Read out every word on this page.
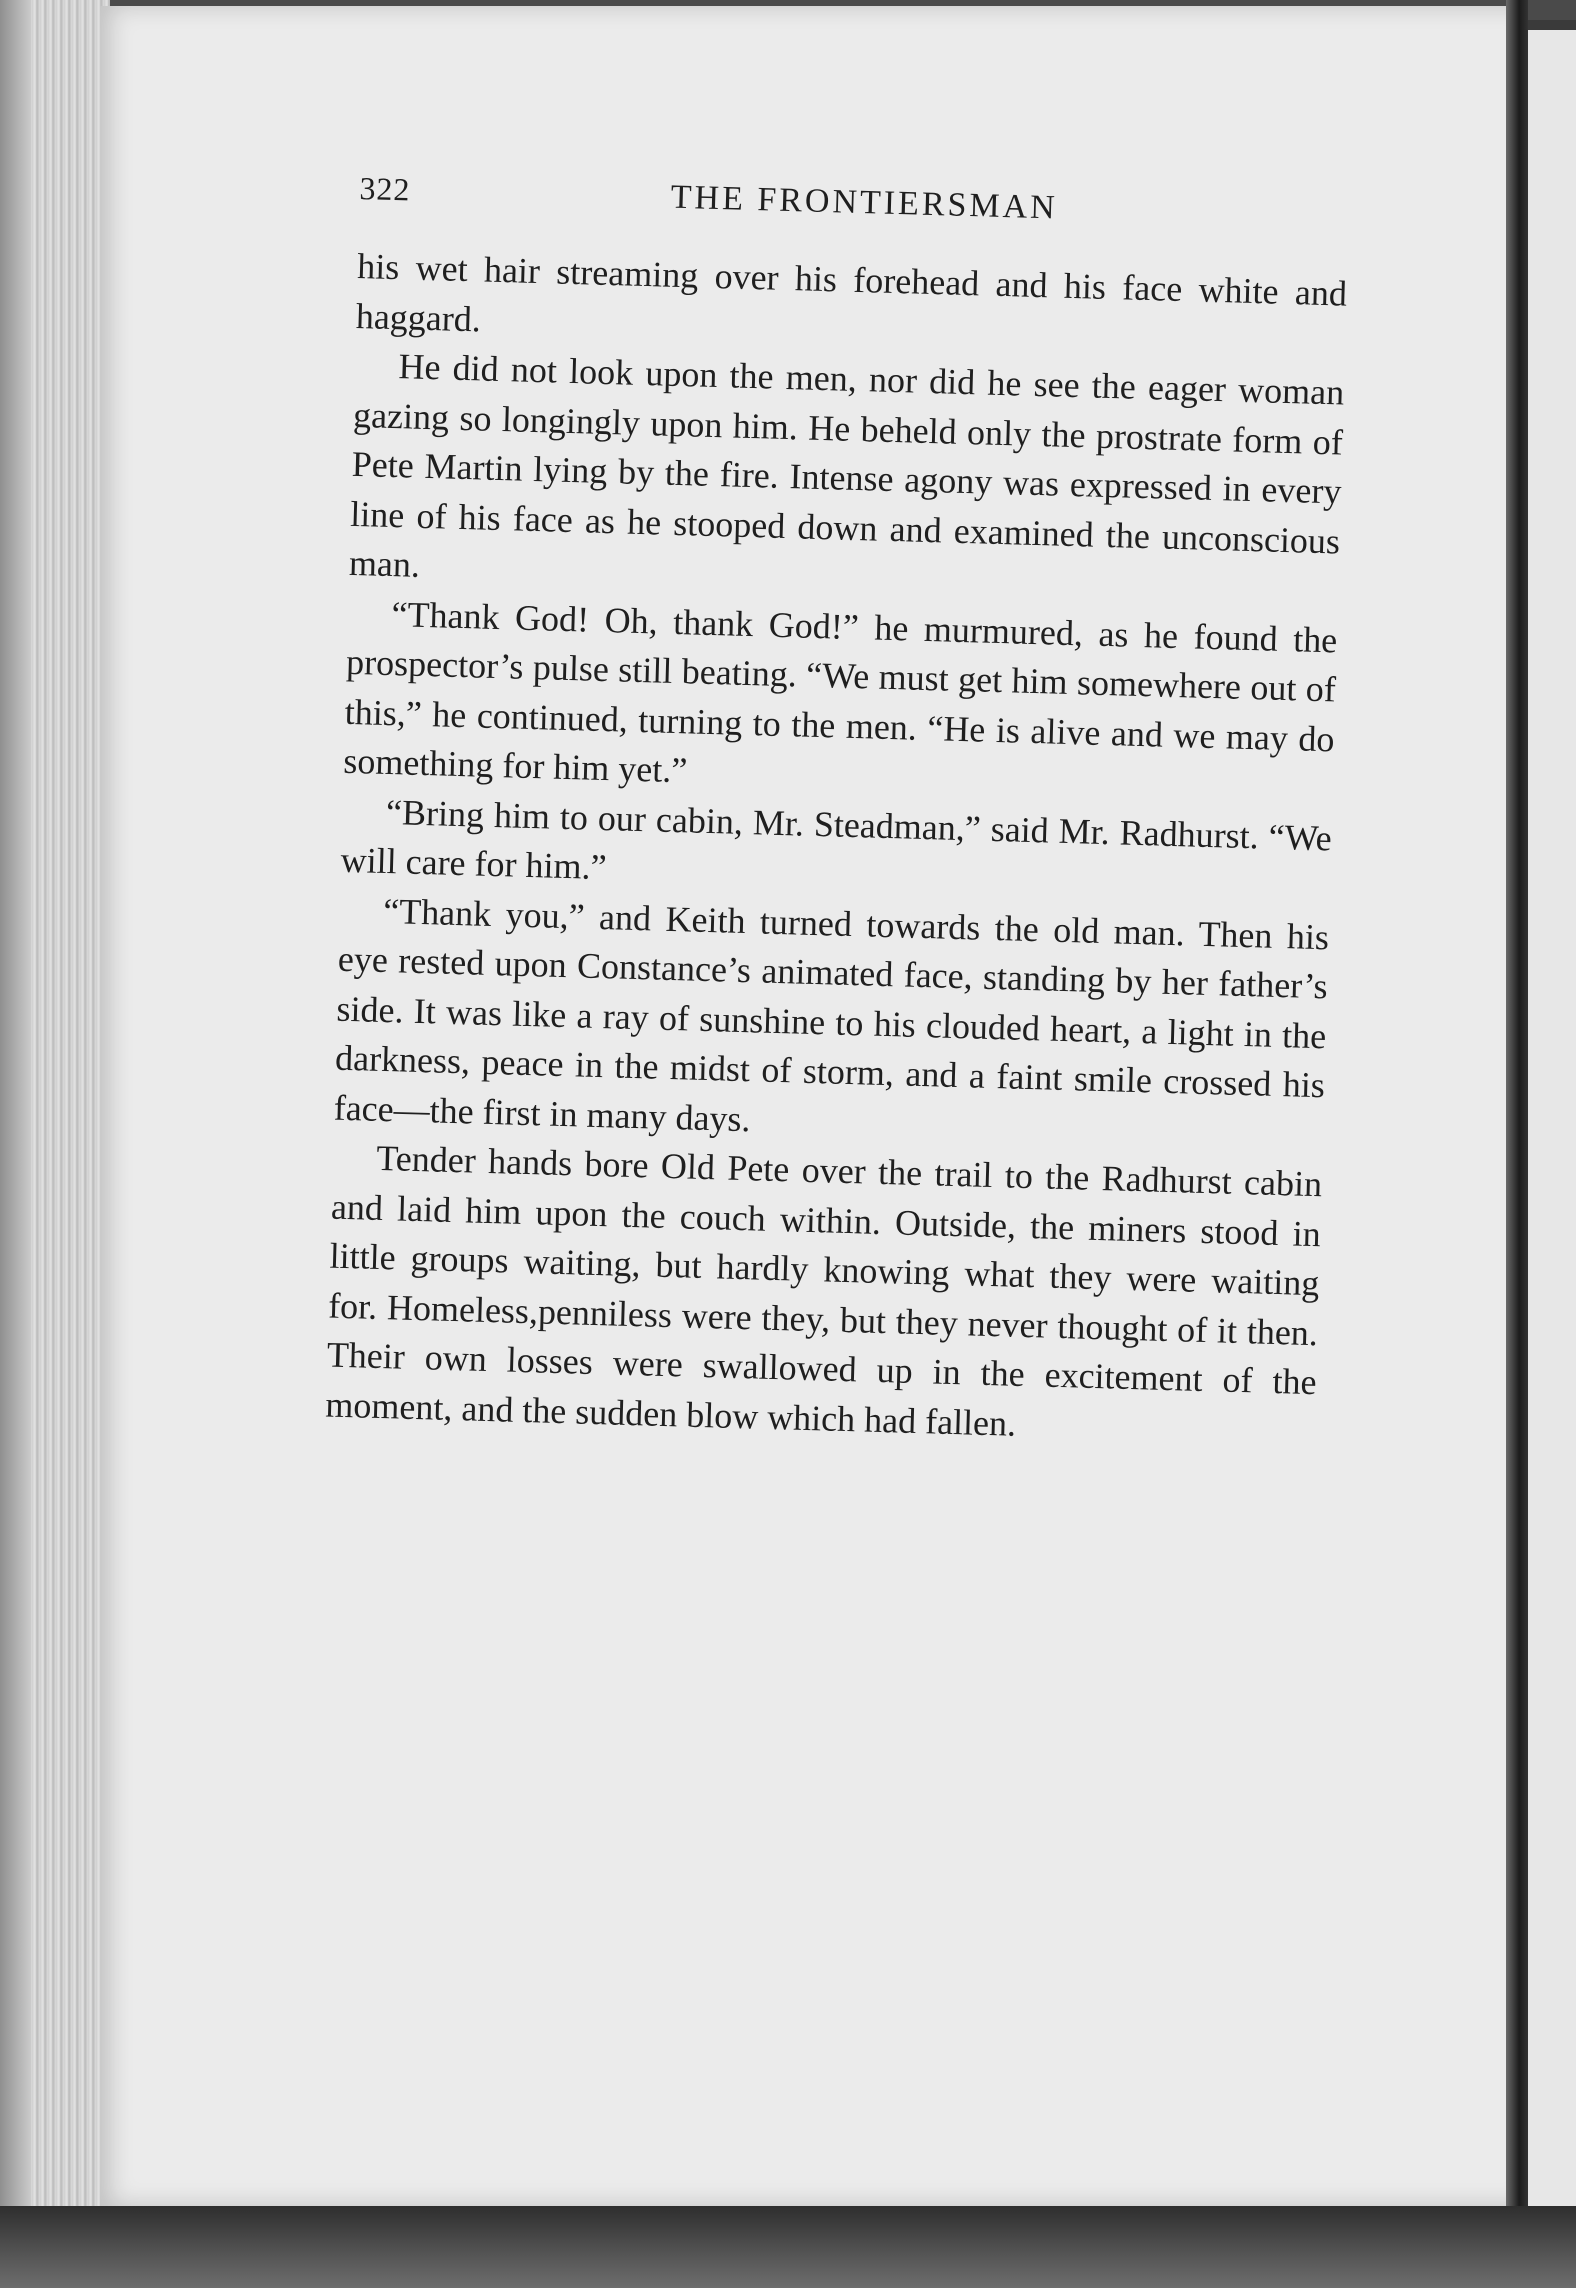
322	THE FRONTIERSMAN

his wet hair streaming over his forehead and his face white and haggard.

He did not look upon the men, nor did he see the eager woman gazing so longingly upon him. He beheld only the prostrate form of Pete Martin lying by the fire. Intense agony was expressed in every line of his face as he stooped down and examined the unconscious man.

“Thank God! Oh, thank God!” he murmured, as he found the prospector’s pulse still beating. “We must get him somewhere out of this,” he continued, turning to the men. “He is alive and we may do something for him yet.”

“Bring him to our cabin, Mr. Steadman,” said Mr. Radhurst. “We will care for him.”

“Thank you,” and Keith turned towards the old man. Then his eye rested upon Constance’s animated face, standing by her father’s side. It was like a ray of sunshine to his clouded heart, a light in the darkness, peace in the midst of storm, and a faint smile crossed his face—the first in many days.

Tender hands bore Old Pete over the trail to the Radhurst cabin and laid him upon the couch within. Outside, the miners stood in little groups waiting, but hardly knowing what they were waiting for. Homeless,penniless were they, but they never thought of it then. Their own losses were swallowed up in the excitement of the moment, and the sudden blow which had fallen.
